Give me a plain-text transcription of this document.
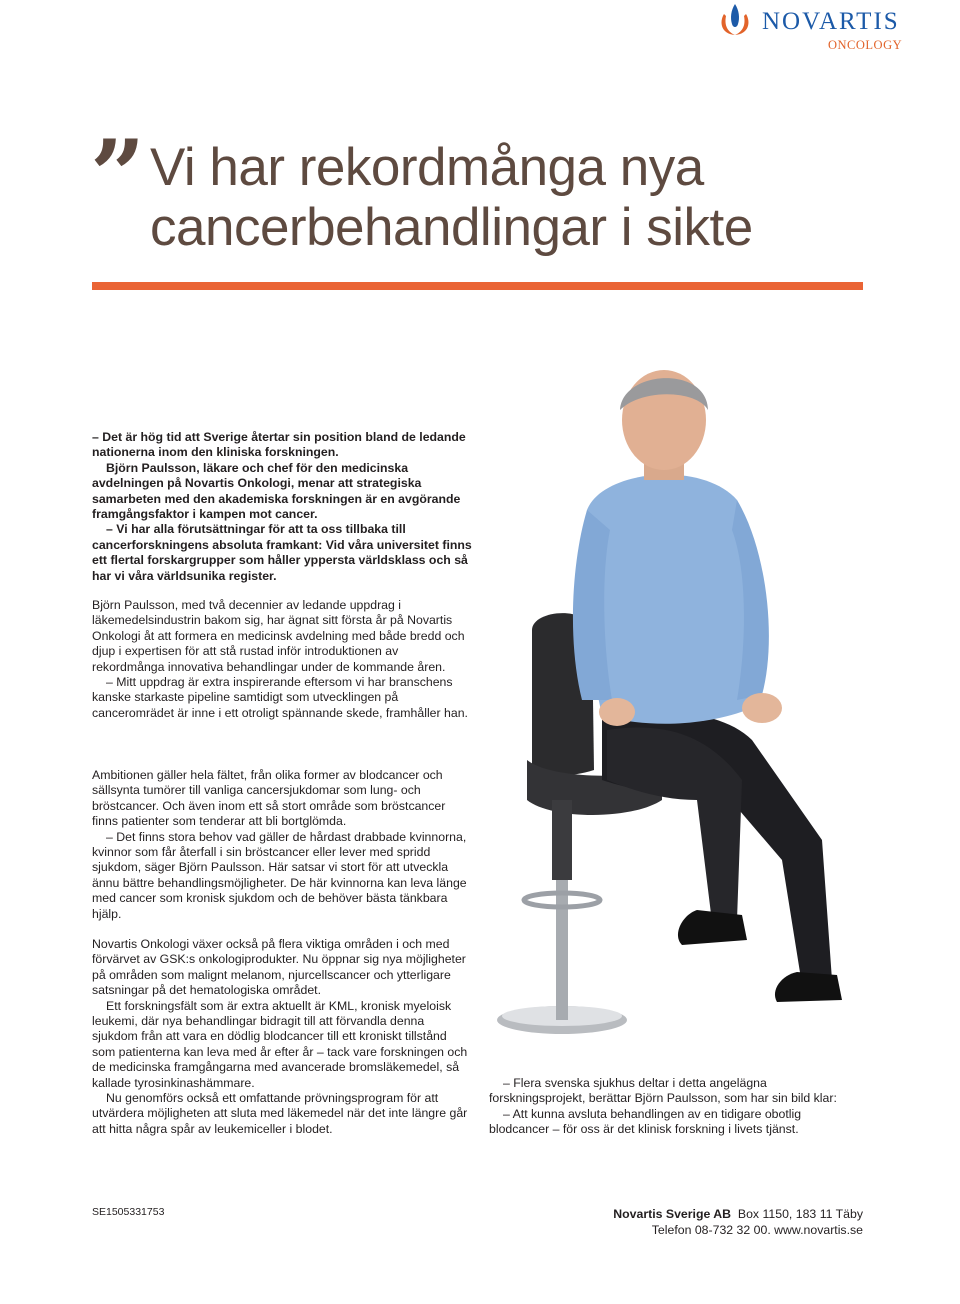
NOVARTIS
ONCOLOGY
” Vi har rekordmånga nya
cancerbehandlingar i sikte

– Det är hög tid att Sverige återtar sin position bland de ledande nationerna inom den kliniska forskningen.

Björn Paulsson, läkare och chef för den medicinska avdelningen på Novartis Onkologi, menar att strategiska samarbeten med den akademiska forskningen är en avgörande framgångsfaktor i kampen mot cancer.

– Vi har alla förutsättningar för att ta oss tillbaka till cancerforskningens absoluta framkant: Vid våra universitet finns ett flertal forskargrupper som håller yppersta världsklass och så har vi våra världsunika register.

Björn Paulsson, med två decennier av ledande uppdrag i läkemedelsindustrin bakom sig, har ägnat sitt första år på Novartis Onkologi åt att formera en medicinsk avdelning med både bredd och djup i expertisen för att stå rustad inför introduktionen av rekordmånga innovativa behandlingar under de kommande åren.

– Mitt uppdrag är extra inspirerande eftersom vi har branschens kanske starkaste pipeline samtidigt som utvecklingen på canceromrädet är inne i ett otroligt spännande skede, framhåller han.

Ambitionen gäller hela fältet, från olika former av blodcancer och sällsynta tumörer till vanliga cancersjukdomar som lung- och bröstcancer. Och även inom ett så stort område som bröstcancer finns patienter som tenderar att bli bortglömda.

– Det finns stora behov vad gäller de hårdast drabbade kvinnorna, kvinnor som får återfall i sin bröstcancer eller lever med spridd sjukdom, säger Björn Paulsson. Här satsar vi stort för att utveckla ännu bättre behandlingsmöjligheter. De här kvinnorna kan leva länge med cancer som kronisk sjukdom och de behöver bästa tänkbara hjälp.

Novartis Onkologi växer också på flera viktiga områden i och med förvärvet av GSK:s onkologiprodukter. Nu öppnar sig nya möjligheter på områden som malignt melanom, njurcellscancer och ytterligare satsningar på det hematologiska området.

Ett forskningsfält som är extra aktuellt är KML, kronisk myeloisk leukemi, där nya behandlingar bidragit till att förvandla denna sjukdom från att vara en dödlig blodcancer till ett kroniskt tillstånd som patienterna kan leva med år efter år – tack vare forskningen och de medicinska framgångarna med avancerade bromsläkemedel, så kallade tyrosinkinashämmare.

Nu genomförs också ett omfattande prövningsprogram för att utvärdera möjligheten att sluta med läkemedel när det inte längre går att hitta några spår av leukemiceller i blodet.

– Flera svenska sjukhus deltar i detta angelägna forskningsprojekt, berättar Björn Paulsson, som har sin bild klar:

– Att kunna avsluta behandlingen av en tidigare obotlig blodcancer – för oss är det klinisk forskning i livets tjänst.

SE1505331753	Novartis Sverige AB Box 1150, 183 11 Täby
Telefon 08-732 32 00. www.novartis.se
